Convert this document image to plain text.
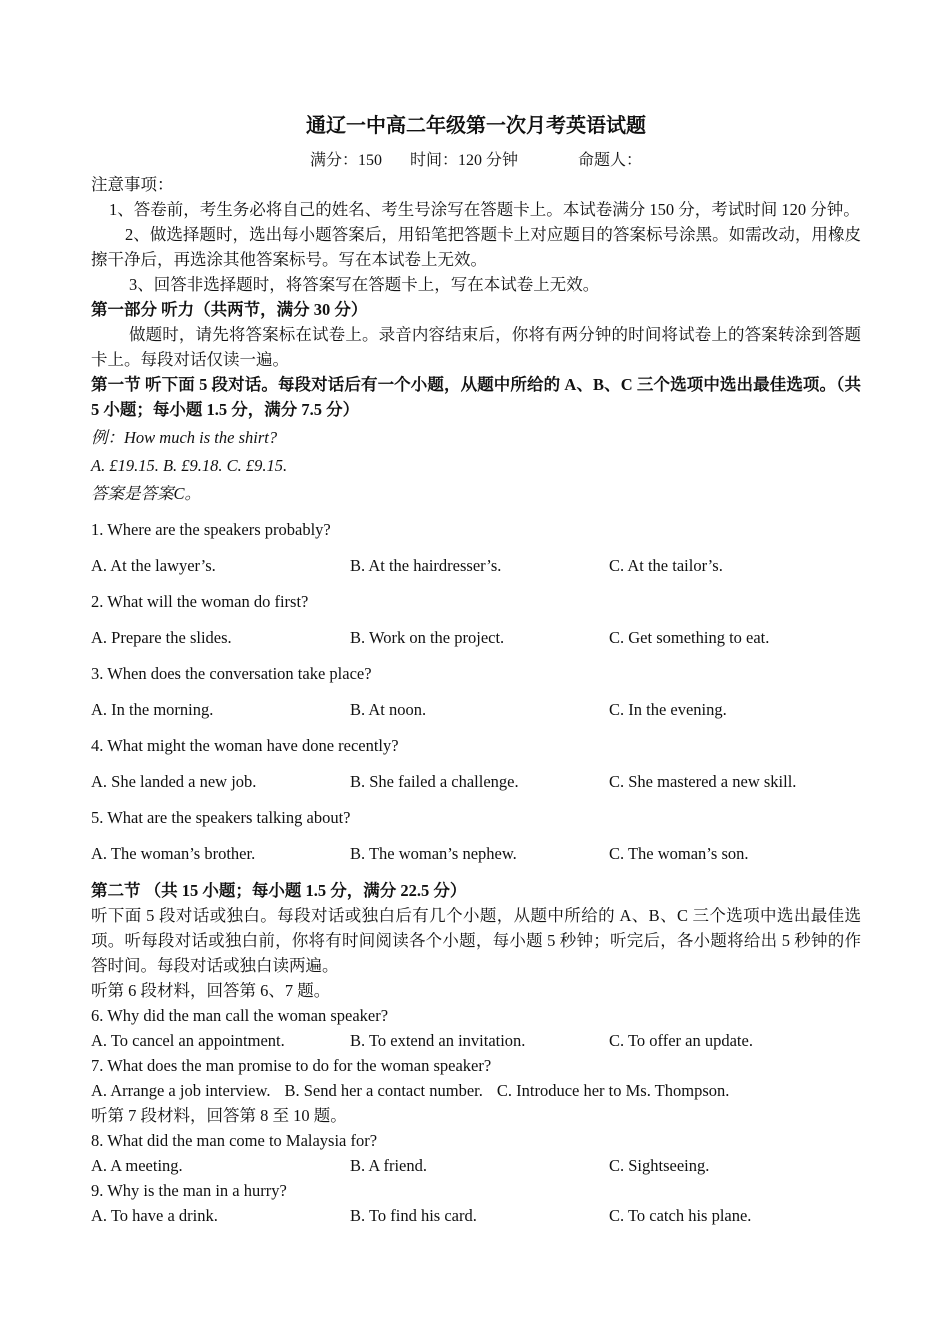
通辽一中高二年级第一次月考英语试题
满分：150 时间：120 分钟	命题人：

注意事项：

1、答卷前，考生务必将自己的姓名、考生号涂写在答题卡上。本试卷满分 150 分，考试时间 120 分钟。

2、做选择题时，选出每小题答案后，用铅笔把答题卡上对应题目的答案标号涂黑。如需改动，用橡皮擦干净后，再选涂其他答案标号。写在本试卷上无效。

3、回答非选择题时，将答案写在答题卡上，写在本试卷上无效。

第一部分 听力（共两节，满分 30 分）

做题时，请先将答案标在试卷上。录音内容结束后，你将有两分钟的时间将试卷上的答案转涂到答题卡上。每段对话仅读一遍。

第一节 听下面 5 段对话。每段对话后有一个小题，从题中所给的 A、B、C 三个选项中选出最佳选项。（共 5 小题；每小题 1.5 分，满分 7.5 分）

例：How much is the shirt?

A. £19.15. B. £9.18. C. £9.15.

答案是答案C。

1. Where are the speakers probably?

A. At the lawyer’s.	B. At the hairdresser’s.	C. At the tailor’s.

2. What will the woman do first?

A. Prepare the slides.	B. Work on the project.	C. Get something to eat.

3. When does the conversation take place?

A. In the morning.	B. At noon.	C. In the evening.

4. What might the woman have done recently?

A. She landed a new job.	B. She failed a challenge.	C. She mastered a new skill.

5. What are the speakers talking about?

A. The woman’s brother.	B. The woman’s nephew.	C. The woman’s son.

第二节 （共 15 小题；每小题 1.5 分，满分 22.5 分）

听下面 5 段对话或独白。每段对话或独白后有几个小题，从题中所给的 A、B、C 三个选项中选出最佳选项。听每段对话或独白前，你将有时间阅读各个小题，每小题 5 秒钟；听完后，各小题将给出 5 秒钟的作答时间。每段对话或独白读两遍。

听第 6 段材料，回答第 6、7 题。

6. Why did the man call the woman speaker?

A. To cancel an appointment.	B. To extend an invitation.	C. To offer an update.

7. What does the man promise to do for the woman speaker?

A. Arrange a job interview. B. Send her a contact number. C. Introduce her to Ms. Thompson.

听第 7 段材料，回答第 8 至 10 题。

8. What did the man come to Malaysia for?

A. A meeting.	B. A friend.	C. Sightseeing.

9. Why is the man in a hurry?

A. To have a drink.	B. To find his card.	C. To catch his plane.
